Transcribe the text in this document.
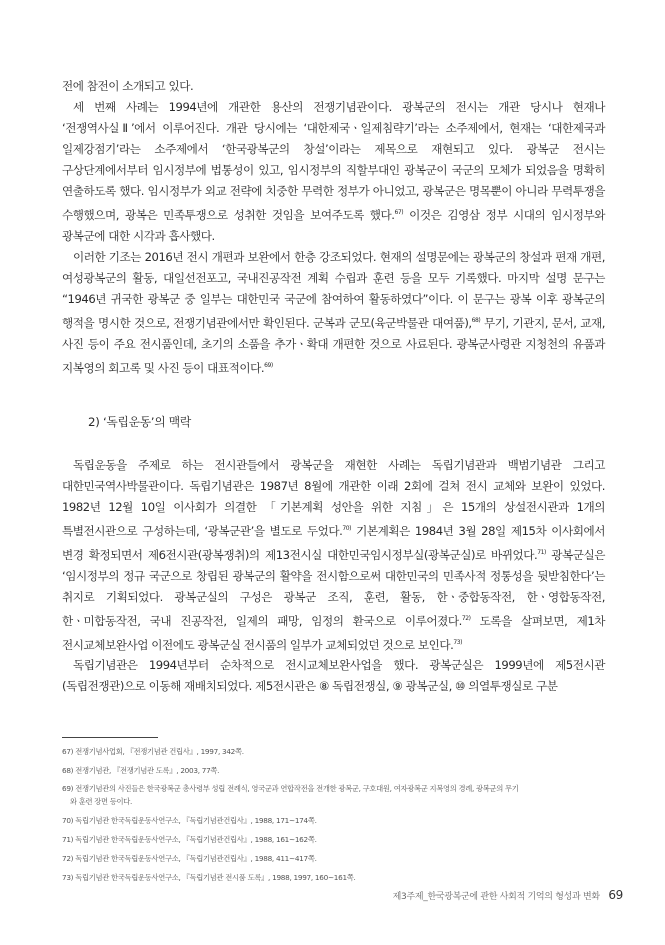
전에 참전이 소개되고 있다.

세 번째 사례는 1994년에 개관한 용산의 전쟁기념관이다. 광복군의 전시는 개관 당시나 현재나 ‘전쟁역사실Ⅱ’에서 이루어진다. 개관 당시에는 ‘대한제국ㆍ일제침략기’라는 소주제에서, 현재는 ‘대한제국과 일제강점기’라는 소주제에서 ‘한국광복군의 창설’이라는 제목으로 재현되고 있다. 광복군 전시는 구상단계에서부터 임시정부에 법통성이 있고, 임시정부의 직할부대인 광복군이 국군의 모체가 되었음을 명확히 연출하도록 했다. 임시정부가 외교 전략에 치중한 무력한 정부가 아니었고, 광복군은 명목뿐이 아니라 무력투쟁을 수행했으며, 광복은 민족투쟁으로 성취한 것임을 보여주도록 했다.$^{67)}$ 이것은 김영삼 정부 시대의 임시정부와 광복군에 대한 시각과 흡사했다.

이러한 기조는 2016년 전시 개편과 보완에서 한층 강조되었다. 현재의 설명문에는 광복군의 창설과 편재 개편, 여성광복군의 활동, 대일선전포고, 국내진공작전 계획 수립과 훈련 등을 모두 기록했다. 마지막 설명 문구는 “1946년 귀국한 광복군 중 일부는 대한민국 국군에 참여하여 활동하였다”이다. 이 문구는 광복 이후 광복군의 행적을 명시한 것으로, 전쟁기념관에서만 확인된다. 군복과 군모(육군박물관 대여품),$^{68)}$ 무기, 기관지, 문서, 교재, 사진 등이 주요 전시품인데, 초기의 소품을 추가ㆍ확대 개편한 것으로 사료된다. 광복군사령관 지청천의 유품과 지복영의 회고록 및 사진 등이 대표적이다.$^{69)}$

2) ‘독립운동’의 맥락

독립운동을 주제로 하는 전시관들에서 광복군을 재현한 사례는 독립기념관과 백범기념관 그리고 대한민국역사박물관이다. 독립기념관은 1987년 8월에 개관한 이래 2회에 걸쳐 전시 교체와 보완이 있었다. 1982년 12월 10일 이사회가 의결한 「기본계획 성안을 위한 지침」은 15개의 상설전시관과 1개의 특별전시관으로 구성하는데, ‘광복군관’을 별도로 두었다.$^{70)}$ 기본계획은 1984년 3월 28일 제15차 이사회에서 변경 확정되면서 제6전시관(광복쟁취)의 제13전시실 대한민국임시정부실(광복군실)로 바뀌었다.$^{71)}$ 광복군실은 ‘임시정부의 정규 국군으로 창립된 광복군의 활약을 전시함으로써 대한민국의 민족사적 정통성을 뒷받침한다’는 취지로 기획되었다. 광복군실의 구성은 광복군 조직, 훈련, 활동, 한ㆍ중합동작전, 한ㆍ영합동작전, 한ㆍ미합동작전, 국내 진공작전, 일제의 패망, 임정의 환국으로 이루어졌다.$^{72)}$ 도록을 살펴보면, 제1차 전시교체보완사업 이전에도 광복군실 전시품의 일부가 교체되었던 것으로 보인다.$^{73)}$

독립기념관은 1994년부터 순차적으로 전시교체보완사업을 했다. 광복군실은 1999년에 제5전시관(독립전쟁관)으로 이동해 재배치되었다. 제5전시관은 ⑧ 독립전쟁실, ⑨ 광복군실, ⑩ 의열투쟁실로 구분

67) 전쟁기념사업회, 『전쟁기념관 건립사』, 1997, 342쪽.

68) 전쟁기념관, 『전쟁기념관 도록』, 2003, 77쪽.

69) 전쟁기념관의 사진들은 한국광복군 총사령부 성립 전례식, 영국군과 연합작전을 전개한 광복군, 구호대원, 여자광복군 지복영의 경례, 광복군의 무기
와 훈련 장면 등이다.

70) 독립기념관 한국독립운동사연구소, 『독립기념관건립사』, 1988, 171~174쪽.

71) 독립기념관 한국독립운동사연구소, 『독립기념관건립사』, 1988, 161~162쪽.

72) 독립기념관 한국독립운동사연구소, 『독립기념관건립사』, 1988, 411~417쪽.

73) 독립기념관 한국독립운동사연구소, 『독립기념관 전시품 도록』, 1988, 1997, 160~161쪽.

제3주제_한국광복군에 관한 사회적 기억의 형성과 변화 69
